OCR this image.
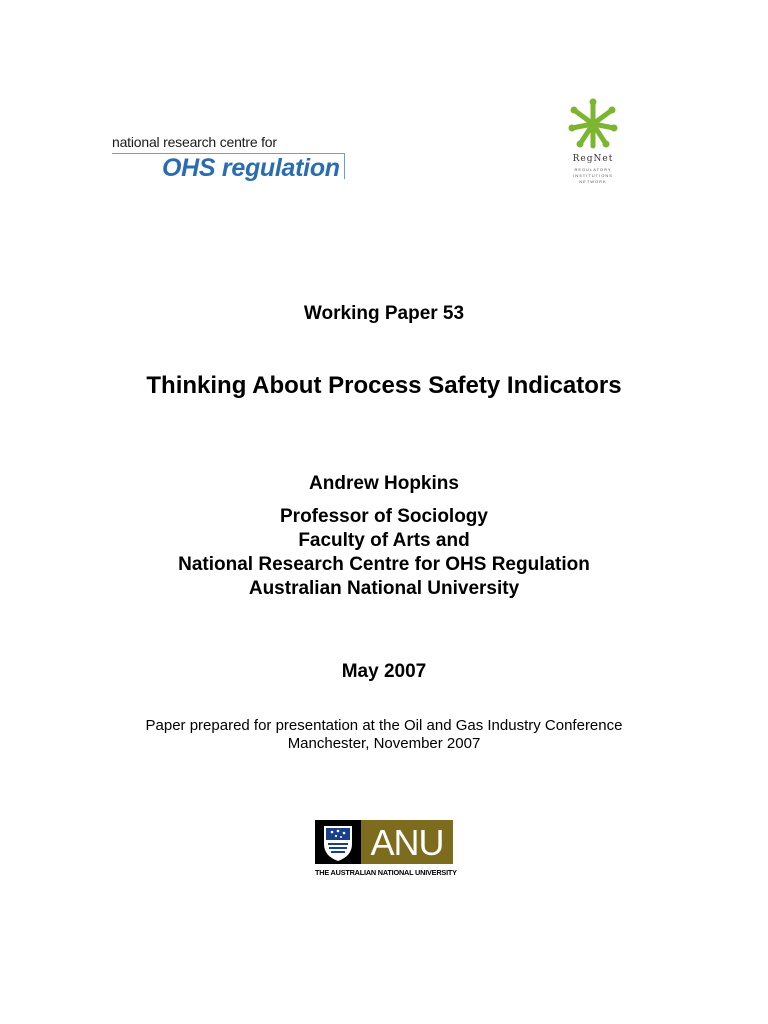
national research centre for
OHS regulation	RegNet
REGULATORY
INSTITUTIONS
NETWORK
Working Paper 53
Thinking About Process Safety Indicators
Andrew Hopkins
Professor of Sociology
Faculty of Arts and
National Research Centre for OHS Regulation
Australian National University
May 2007
Paper prepared for presentation at the Oil and Gas Industry Conference
Manchester, November 2007
ANU
THE AUSTRALIAN NATIONAL UNIVERSITY
